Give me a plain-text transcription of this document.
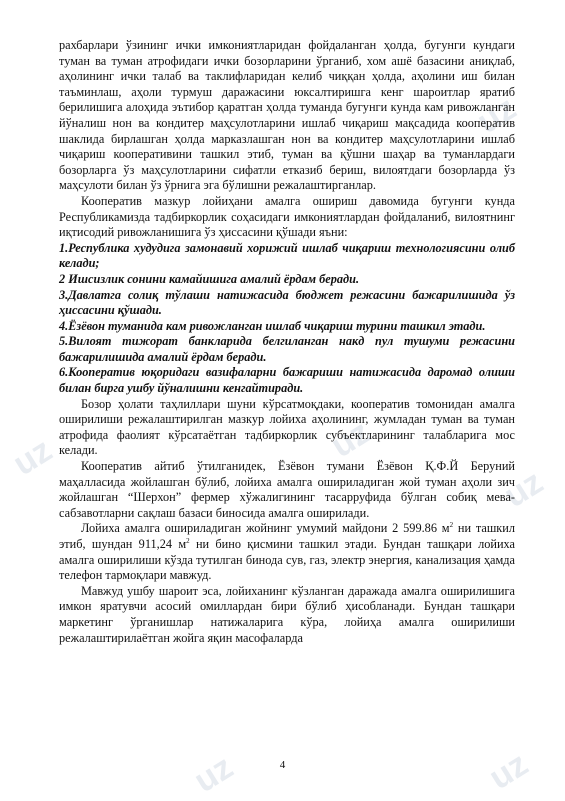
uz
uz	uz
uz
uz	uz

рахбарлари ўзининг ички имкониятларидан фойдаланган ҳолда, бугунги кундаги туман ва туман атрофидаги ички бозорларини ўрганиб, хом ашё базасини аниқлаб, аҳолининг ички талаб ва таклифларидан келиб чиққан ҳолда, аҳолини иш билан таъминлаш, аҳоли турмуш даражасини юксалтиришга кенг шароитлар яратиб берилишига алоҳида эътибор қаратган ҳолда туманда бугунги кунда кам ривожланган йўналиш нон ва кондитер маҳсулотларини ишлаб чиқариш мақсадида кооператив шаклида бирлашган ҳолда марказлашган нон ва кондитер маҳсулотларини ишлаб чиқариш кооперативини ташкил этиб, туман ва қўшни шаҳар ва туманлардаги бозорларга ўз маҳсулотларини сифатли етказиб бериш, вилоятдаги бозорларда ўз маҳсулоти билан ўз ўрнига эга бўлишни режалаштирганлар.

Кооператив мазкур лойиҳани амалга ошириш давомида бугунги кунда Республикамизда тадбиркорлик соҳасидаги имкониятлардан фойдаланиб, вилоятнинг иқтисодий ривожланишига ўз ҳиссасини қўшади яъни:

1.Республика худудига замонавий хорижий ишлаб чиқариш технологиясини олиб келади;

2 Ишсизлик сонини камайишига амалий ёрдам беради.

3.Давлатга солиқ тўлаши натижасида бюджет режасини бажарилишида ўз ҳиссасини қўшади.

4.Ёзёвон туманида кам ривожланган ишлаб чиқариш турини ташкил этади.

5.Вилоят тижорат банкларида белгиланган накд пул тушуми режасини бажарилишида амалий ёрдам беради.

6.Кооператив юқоридаги вазифаларни бажариши натижасида даромад олиши билан бирга ушбу йўналишни кенгайтиради.

Бозор ҳолати таҳлиллари шуни кўрсатмоқдаки, кооператив томонидан амалга оширилиши режалаштирилган мазкур лойиха аҳолининг, жумладан туман ва туман атрофида фаолият кўрсатаётган тадбиркорлик субъектларининг талабларига мос келади.

Кооператив айтиб ўтилганидек, Ёзёвон тумани Ёзёвон Қ.Ф.Й Беруний маҳалласида жойлашган бўлиб, лойиха амалга ошириладиган жой туман аҳоли зич жойлашган “Шерхон” фермер хўжалигининг тасарруфида бўлган собиқ мева-сабзавотларни сақлаш базаси биносида амалга оширилади.

Лойиха амалга ошириладиган жойнинг умумий майдони 2 599.86 $м^2$ ни ташкил этиб, шундан 911,24 $м^2$ ни бино қисмини ташкил этади. Бундан ташқари лойиха амалга оширилиши кўзда тутилган бинода сув, газ, электр энергия, канализация ҳамда телефон тармоқлари мавжуд.

Мавжуд ушбу шароит эса, лойиханинг кўзланган даражада амалга оширилишига имкон яратувчи асосий омиллардан бири бўлиб ҳисобланади. Бундан ташқари маркетинг ўрганишлар натижаларига кўра, лойиҳа амалга оширилиши режалаштирилаётган жойга яқин масофаларда

4
